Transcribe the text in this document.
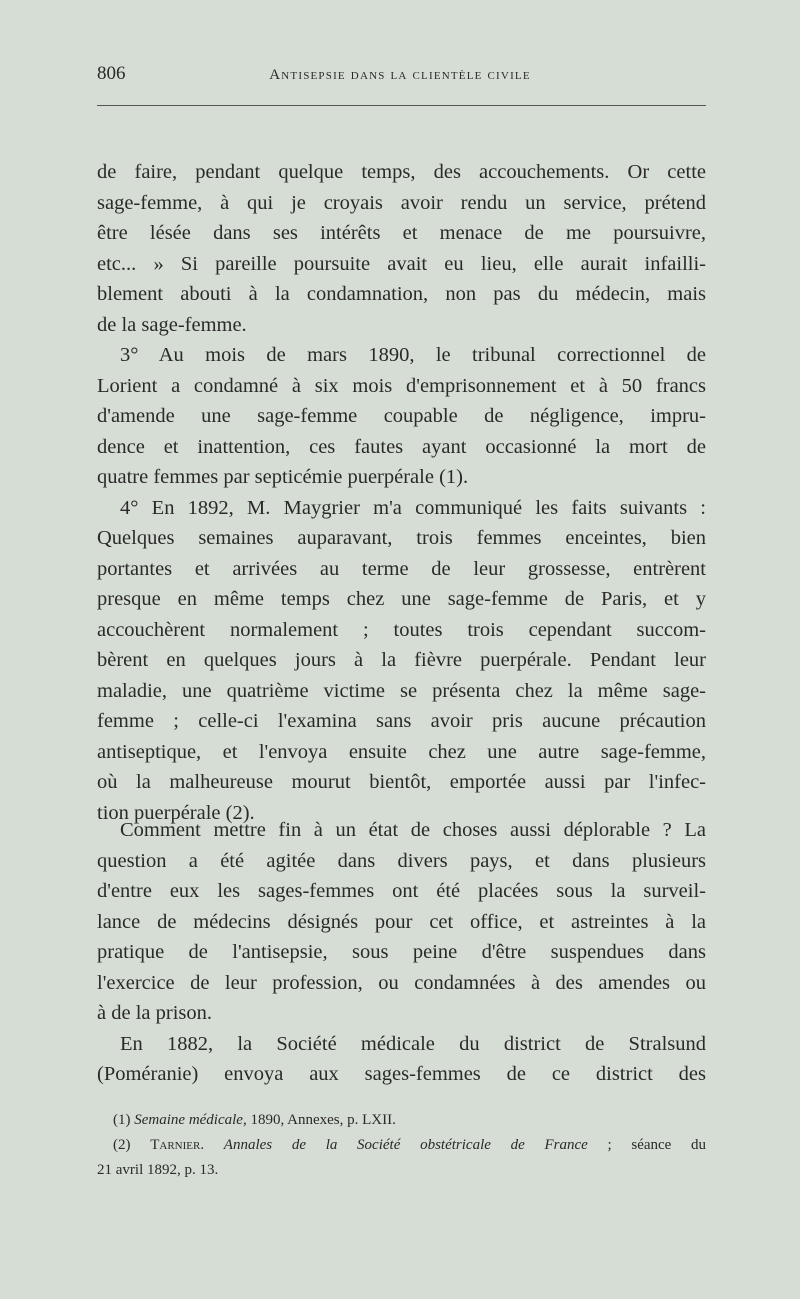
806	Antisepsie dans la clientèle civile
de faire, pendant quelque temps, des accouchements. Or cette
sage-femme, à qui je croyais avoir rendu un service, prétend
être lésée dans ses intérêts et menace de me poursuivre,
etc... » Si pareille poursuite avait eu lieu, elle aurait infailli-
blement abouti à la condamnation, non pas du médecin, mais
de la sage-femme.
3° Au mois de mars 1890, le tribunal correctionnel de
Lorient a condamné à six mois d'emprisonnement et à 50 francs
d'amende une sage-femme coupable de négligence, impru-
dence et inattention, ces fautes ayant occasionné la mort de
quatre femmes par septicémie puerpérale (1).
4° En 1892, M. Maygrier m'a communiqué les faits suivants :
Quelques semaines auparavant, trois femmes enceintes, bien
portantes et arrivées au terme de leur grossesse, entrèrent
presque en même temps chez une sage-femme de Paris, et y
accouchèrent normalement ; toutes trois cependant succom-
bèrent en quelques jours à la fièvre puerpérale. Pendant leur
maladie, une quatrième victime se présenta chez la même sage-
femme ; celle-ci l'examina sans avoir pris aucune précaution
antiseptique, et l'envoya ensuite chez une autre sage-femme,
où la malheureuse mourut bientôt, emportée aussi par l'infec-
tion puerpérale (2).
Comment mettre fin à un état de choses aussi déplorable ? La
question a été agitée dans divers pays, et dans plusieurs
d'entre eux les sages-femmes ont été placées sous la surveil-
lance de médecins désignés pour cet office, et astreintes à la
pratique de l'antisepsie, sous peine d'être suspendues dans
l'exercice de leur profession, ou condamnées à des amendes ou
à de la prison.
En 1882, la Société médicale du district de Stralsund
(Poméranie) envoya aux sages-femmes de ce district des
(1) Semaine médicale, 1890, Annexes, p. LXII.
(2) Tarnier. Annales de la Société obstétricale de France ; séance du
21 avril 1892, p. 13.
